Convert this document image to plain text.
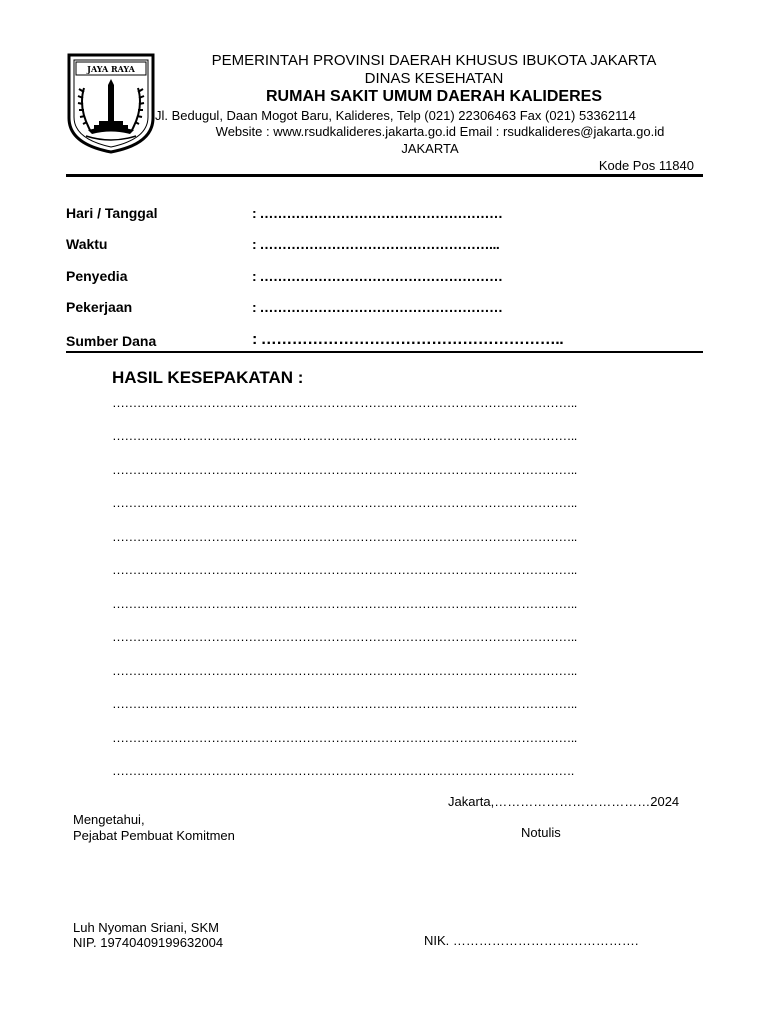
JAYA RAYA	PEMERINTAH PROVINSI DAERAH KHUSUS IBUKOTA JAKARTA
DINAS KESEHATAN
RUMAH SAKIT UMUM DAERAH KALIDERES
Jl. Bedugul, Daan Mogot Baru, Kalideres, Telp (021) 22306463 Fax (021) 53362114
Website : www.rsudkalideres.jakarta.go.id Email : rsudkalideres@jakarta.go.id
JAKARTA
Kode Pos 11840
Hari / Tanggal	: ………………………………………………
Waktu	: ……………………………………………...
Penyedia	: ………………………………………………
Pekerjaan	: ………………………………………………
Sumber Dana	: …………………………………………………..
HASIL KESEPAKATAN :
…………………………………………………………………………………………………..
…………………………………………………………………………………………………..
…………………………………………………………………………………………………..
…………………………………………………………………………………………………..
…………………………………………………………………………………………………..
…………………………………………………………………………………………………..
…………………………………………………………………………………………………..
…………………………………………………………………………………………………..
…………………………………………………………………………………………………..
…………………………………………………………………………………………………..
…………………………………………………………………………………………………..
………………………………………………………………………………………………….
Jakarta,………………………………2024
Mengetahui,
Pejabat Pembuat Komitmen	Notulis
Luh Nyoman Sriani, SKM
NIP. 19740409199632004	NIK. …………………………………….
